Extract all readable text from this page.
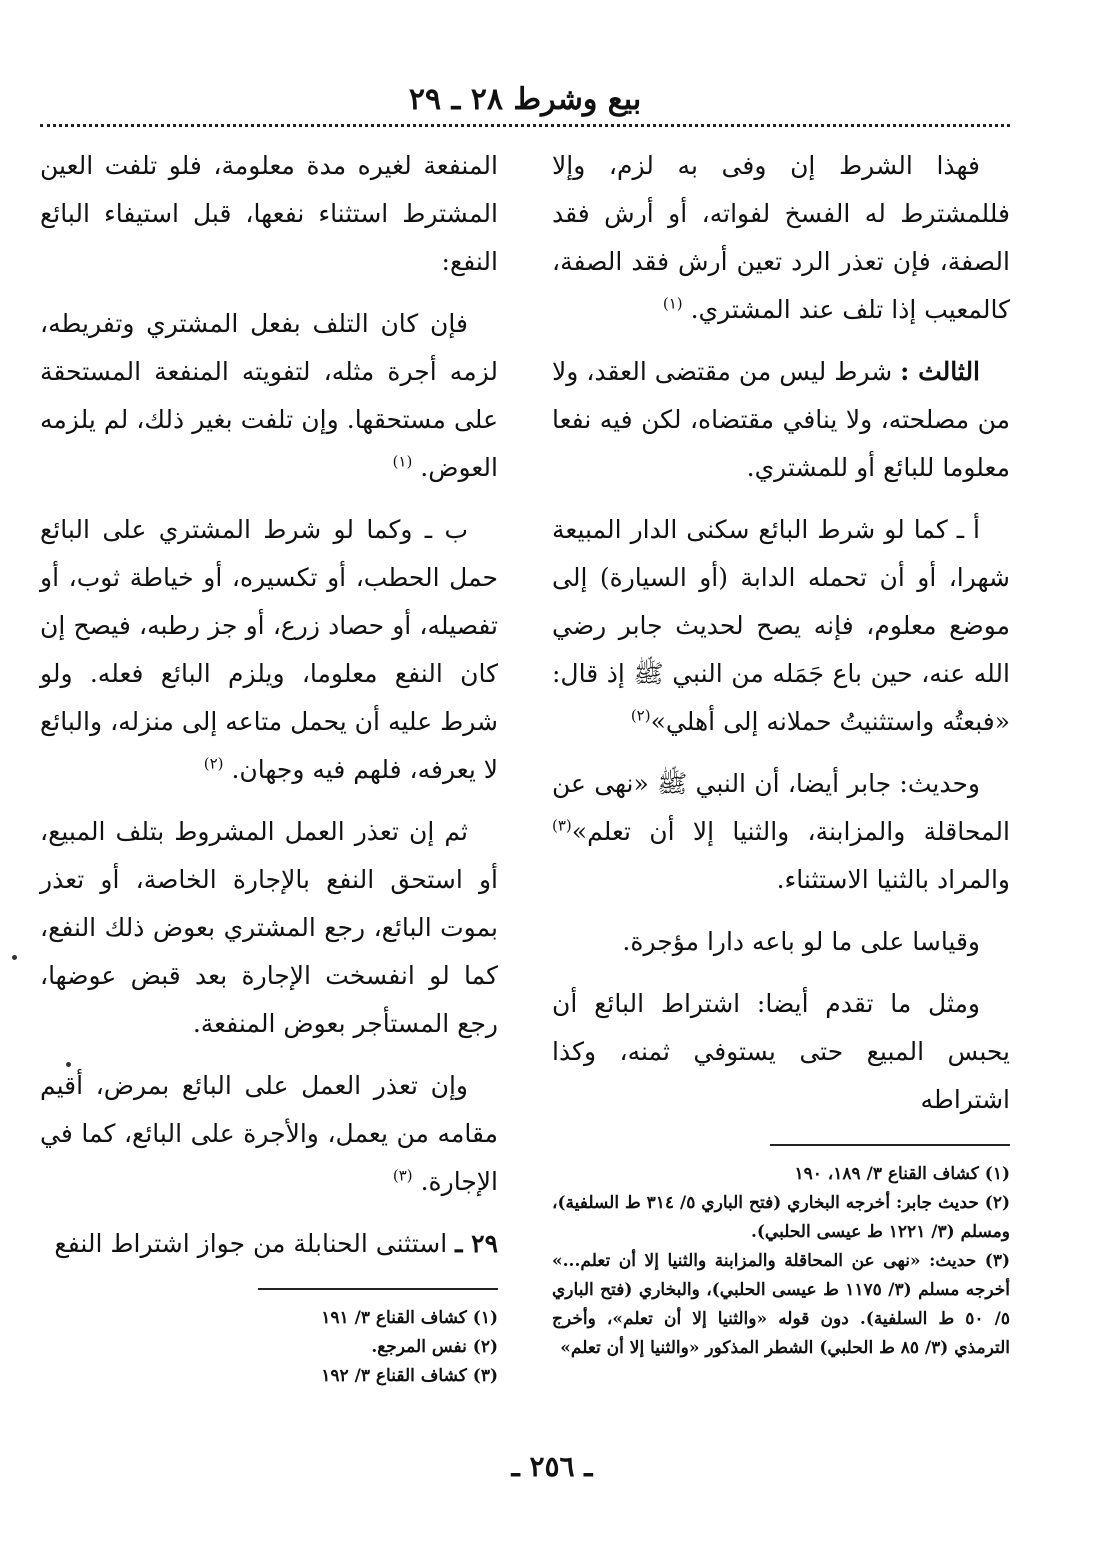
بيع وشرط ٢٨ ـ ٢٩

فهذا الشرط إن وفى به لزم، وإلا فللمشترط له الفسخ لفواته، أو أرش فقد الصفة، فإن تعذر الرد تعين أرش فقد الصفة، كالمعيب إذا تلف عند المشتري. $^{(١)}$

الثالث : شرط ليس من مقتضى العقد، ولا من مصلحته، ولا ينافي مقتضاه، لكن فيه نفعا معلوما للبائع أو للمشتري.

أ ـ كما لو شرط البائع سكنى الدار المبيعة شهرا، أو أن تحمله الدابة (أو السيارة) إلى موضع معلوم، فإنه يصح لحديث جابر رضي الله عنه، حين باع جَمَله من النبي ﷺ إذ قال: «فبعتُه واستثنيتُ حملانه إلى أهلي»$^{(٢)}$

وحديث: جابر أيضا، أن النبي ﷺ «نهى عن المحاقلة والمزابنة، والثنيا إلا أن تعلم»$^{(٣)}$ والمراد بالثنيا الاستثناء.

وقياسا على ما لو باعه دارا مؤجرة.

ومثل ما تقدم أيضا: اشتراط البائع أن يحبس المبيع حتى يستوفي ثمنه، وكذا اشتراطه

(١) كشاف القناع ٣/ ١٨٩، ١٩٠

(٢) حديث جابر: أخرجه البخاري (فتح الباري ٥/ ٣١٤ ط السلفية)، ومسلم (٣/ ١٢٢١ ط عيسى الحلبي).

(٣) حديث: «نهى عن المحاقلة والمزابنة والثنيا إلا أن تعلم...» أخرجه مسلم (٣/ ١١٧٥ ط عيسى الحلبي)، والبخاري (فتح الباري ٥/ ٥٠ ط السلفية). دون قوله «والثنيا إلا أن تعلم»، وأخرج الترمذي (٣/ ٨٥ ط الحلبي) الشطر المذكور «والثنيا إلا أن تعلم»

المنفعة لغيره مدة معلومة، فلو تلفت العين المشترط استثناء نفعها، قبل استيفاء البائع النفع:

فإن كان التلف بفعل المشتري وتفريطه، لزمه أجرة مثله، لتفويته المنفعة المستحقة على مستحقها. وإن تلفت بغير ذلك، لم يلزمه العوض. $^{(١)}$

ب ـ وكما لو شرط المشتري على البائع حمل الحطب، أو تكسيره، أو خياطة ثوب، أو تفصيله، أو حصاد زرع، أو جز رطبه، فيصح إن كان النفع معلوما، ويلزم البائع فعله. ولو شرط عليه أن يحمل متاعه إلى منزله، والبائع لا يعرفه، فلهم فيه وجهان. $^{(٢)}$

ثم إن تعذر العمل المشروط بتلف المبيع، أو استحق النفع بالإجارة الخاصة، أو تعذر بموت البائع، رجع المشتري بعوض ذلك النفع، كما لو انفسخت الإجارة بعد قبض عوضها، رجع المستأجر بعوض المنفعة.

وإن تعذر العمل على البائع بمرض، أقيم مقامه من يعمل، والأجرة على البائع، كما في الإجارة. $^{(٣)}$

٢٩ ـ استثنى الحنابلة من جواز اشتراط النفع

(١) كشاف القناع ٣/ ١٩١

(٢) نفس المرجع.

(٣) كشاف القناع ٣/ ١٩٢

ـ ٢٥٦ ـ
